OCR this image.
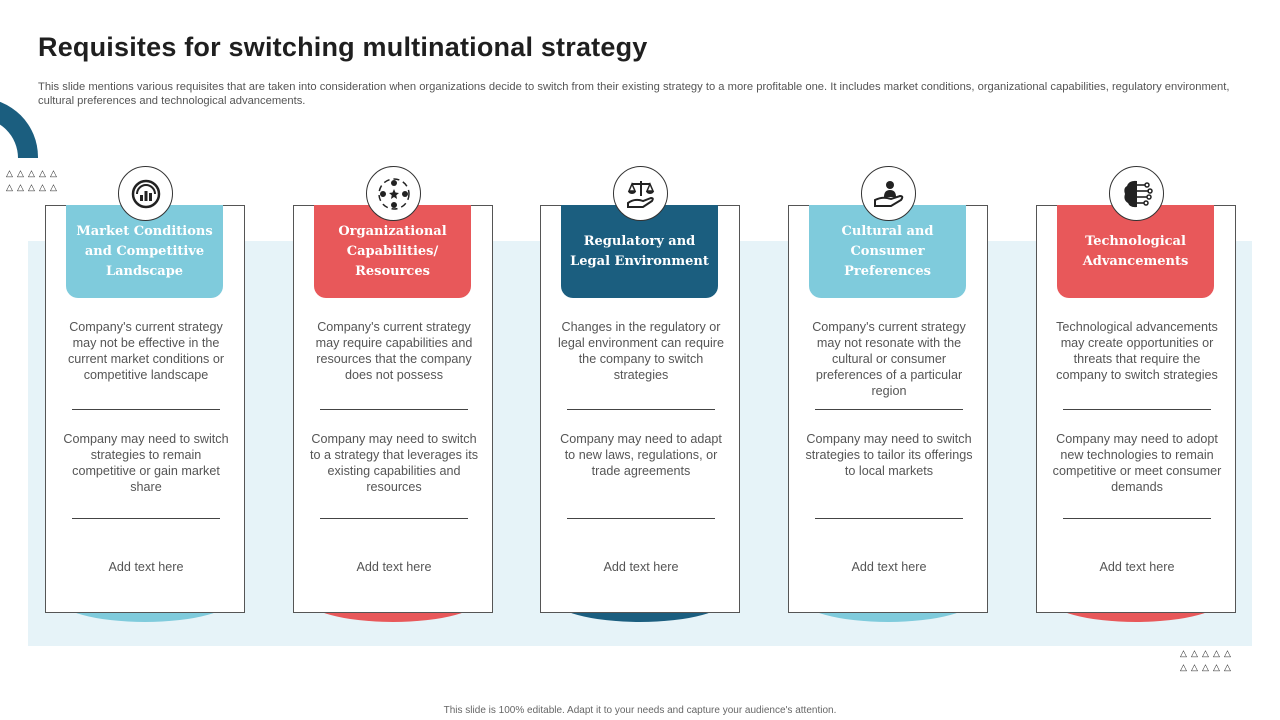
Requisites for switching multinational strategy
This slide mentions various requisites that are taken into consideration when organizations decide to switch from their existing strategy to a more profitable one. It includes market conditions, organizational capabilities, regulatory environment, cultural preferences and technological advancements.
△ △ △ △ △
△ △ △ △ △
△ △ △ △ △
△ △ △ △ △
Company's current strategy may not be effective in the current market conditions or competitive landscape
Company may need to switch strategies to remain competitive or gain market share
Add text here
Market Conditions and Competitive Landscape
Company's current strategy may require capabilities and resources that the company does not possess
Company may need to switch to a strategy that leverages its existing capabilities and resources
Add text here
Organizational Capabilities/ Resources
Changes in the regulatory or legal environment can require the company to switch strategies
Company may need to adapt to new laws, regulations, or trade agreements
Add text here
Regulatory and Legal Environment
Company's current strategy may not resonate with the cultural or consumer preferences of a particular region
Company may need to switch strategies to tailor its offerings to local markets
Add text here
Cultural and Consumer Preferences
Technological advancements may create opportunities or threats that require the company to switch strategies
Company may need to adopt new technologies to remain competitive or meet consumer demands
Add text here
Technological Advancements
This slide is 100% editable. Adapt it to your needs and capture your audience's attention.
